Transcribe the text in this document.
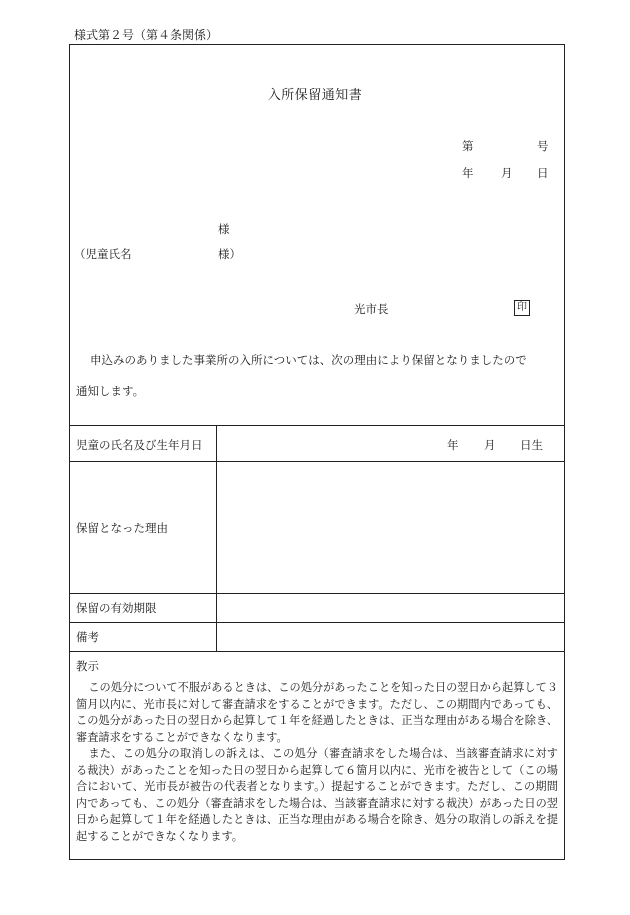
様式第２号（第４条関係）
入所保留通知書
第	号
年 月 日
様
（児童氏名	様）
光市長	印
申込みのありました事業所の入所については、次の理由により保留となりましたので
通知します。
児童の氏名及び生年月日	年 月 日生
保留となった理由
保留の有効期限
備考
教示

この処分について不服があるときは、この処分があったことを知った日の翌日から起算して３箇月以内に、光市長に対して審査請求をすることができます。ただし、この期間内であっても、この処分があった日の翌日から起算して１年を経過したときは、正当な理由がある場合を除き、審査請求をすることができなくなります。

また、この処分の取消しの訴えは、この処分（審査請求をした場合は、当該審査請求に対する裁決）があったことを知った日の翌日から起算して６箇月以内に、光市を被告として（この場合において、光市長が被告の代表者となります。）提起することができます。ただし、この期間内であっても、この処分（審査請求をした場合は、当該審査請求に対する裁決）があった日の翌日から起算して１年を経過したときは、正当な理由がある場合を除き、処分の取消しの訴えを提起することができなくなります。
